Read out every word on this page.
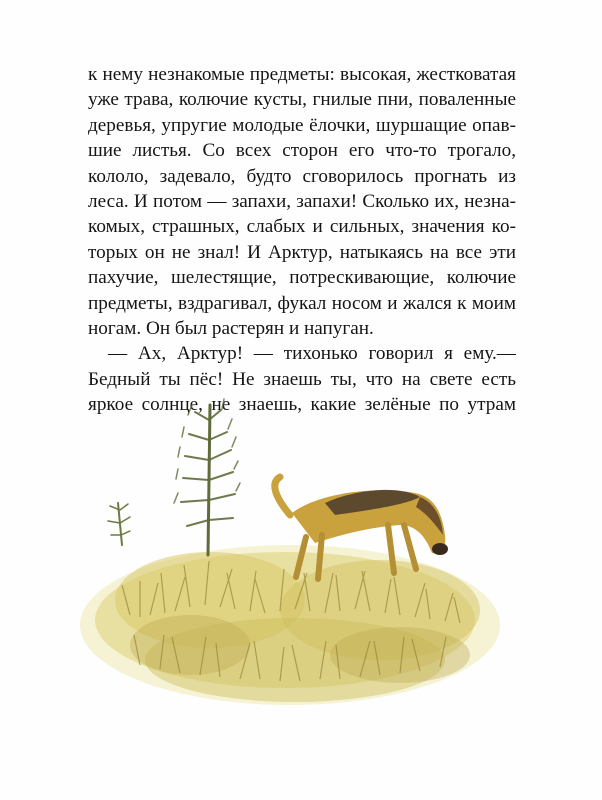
к нему незнакомые предметы: высокая, жестковатая
уже трава, колючие кусты, гнилые пни, поваленные
деревья, упругие молодые ёлочки, шуршащие опав-
шие листья. Со всех сторон его что-то трогало,
кололо, задевало, будто сговорилось прогнать из
леса. И потом — запахи, запахи! Сколько их, незна-
комых, страшных, слабых и сильных, значения ко-
торых он не знал! И Арктур, натыкаясь на все эти
пахучие, шелестящие, потрескивающие, колючие
предметы, вздрагивал, фукал носом и жался к моим
ногам. Он был растерян и напуган.
— Ах, Арктур! — тихонько говорил я ему.—
Бедный ты пёс! Не знаешь ты, что на свете есть
яркое солнце, не знаешь, какие зелёные по утрам
